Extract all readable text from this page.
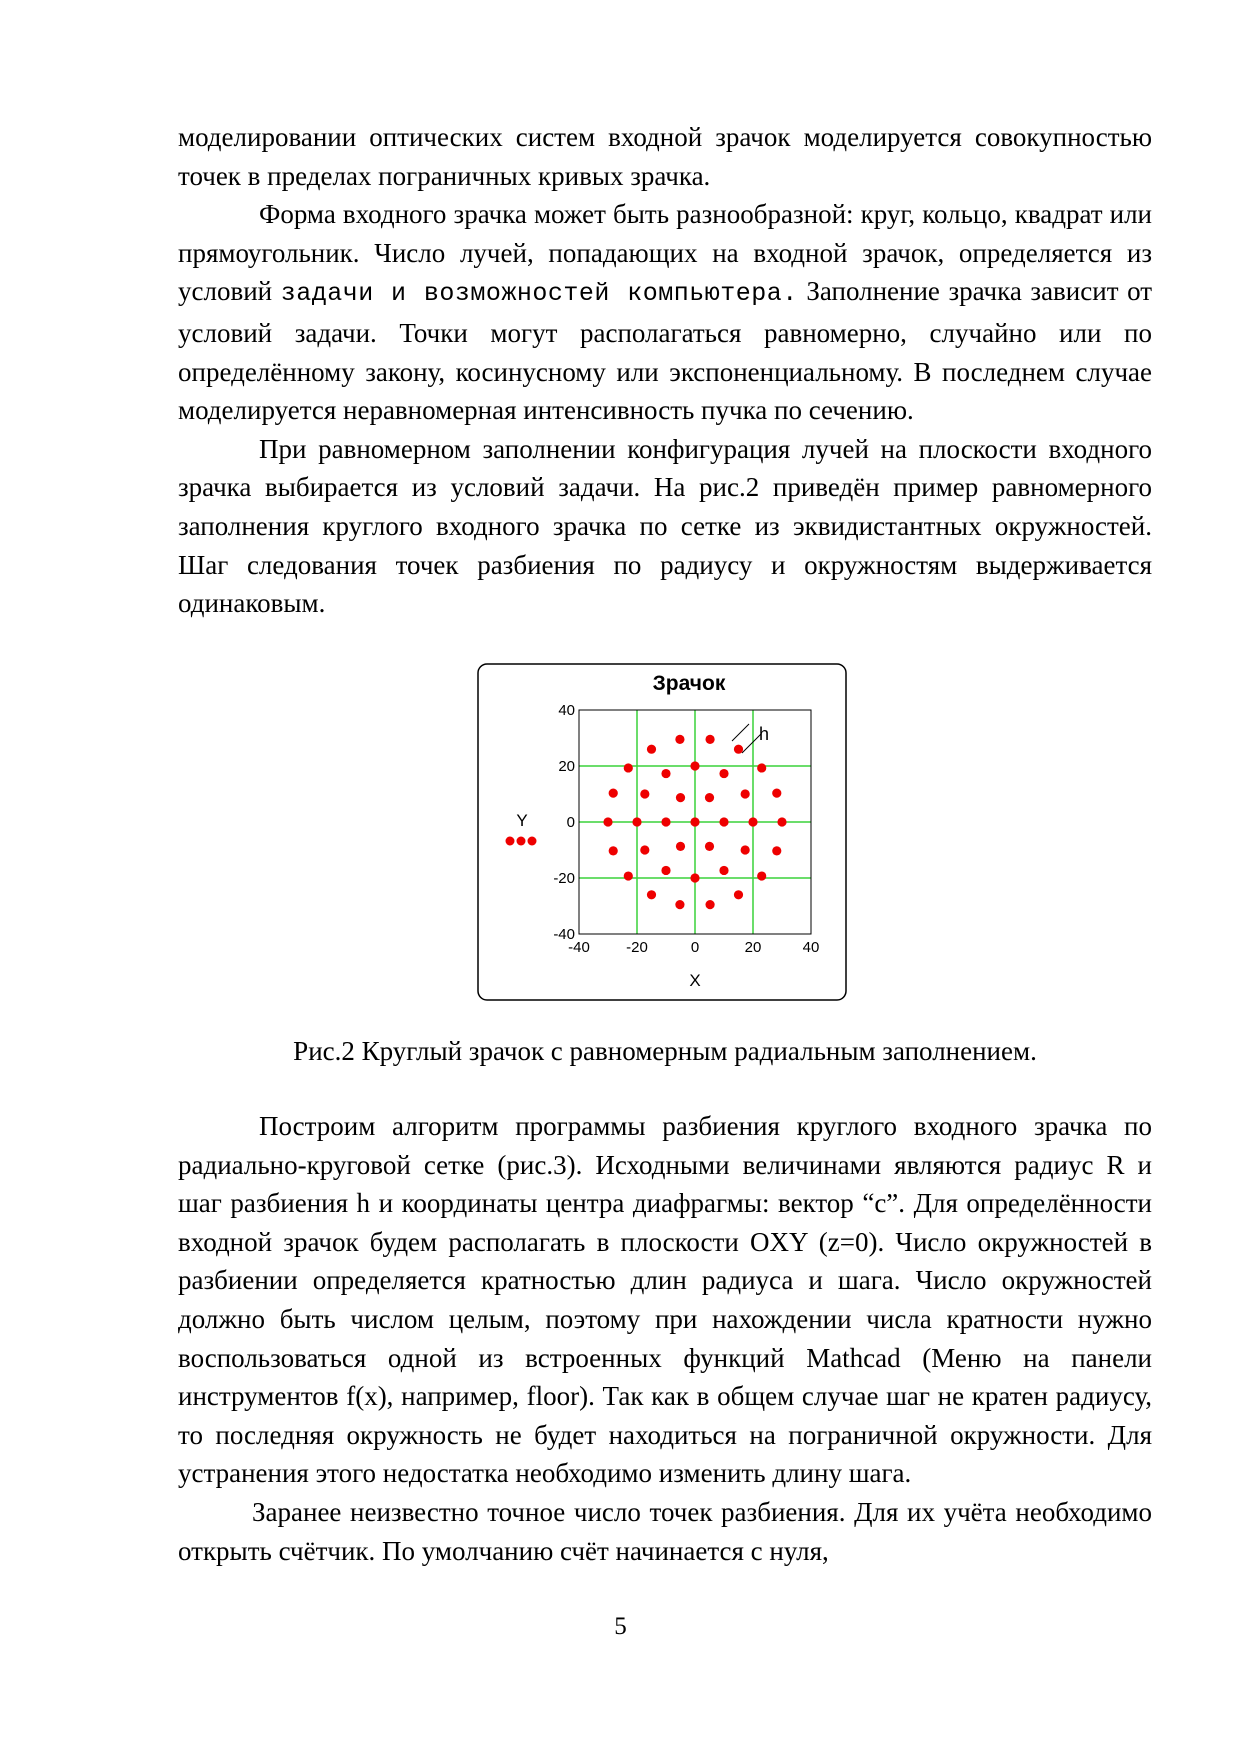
моделировании оптических систем входной зрачок моделируется совокупностью точек в пределах пограничных кривых зрачка.

Форма входного зрачка может быть разнообразной: круг, кольцо, квадрат или прямоугольник. Число лучей, попадающих на входной зрачок, определяется из условий задачи и возможностей компьютера. Заполнение зрачка зависит от условий задачи. Точки могут располагаться равномерно, случайно или по определённому закону, косинусному или экспоненциальному. В последнем случае моделируется неравномерная интенсивность пучка по сечению.

При равномерном заполнении конфигурация лучей на плоскости входного зрачка выбирается из условий задачи. На рис.2 приведён пример равномерного заполнения круглого входного зрачка по сетке из эквидистантных окружностей. Шаг следования точек разбиения по радиусу и окружностям выдерживается одинаковым.

Зрачок
-40 -20	0	20	40
40
20
0
-20
-40
h
Y
X
Рис.2 Круглый зрачок с равномерным радиальным заполнением.

Построим алгоритм программы разбиения круглого входного зрачка по радиально-круговой сетке (рис.3). Исходными величинами являются радиус R и шаг разбиения h и координаты центра диафрагмы: вектор “c”. Для определённости входной зрачок будем располагать в плоскости OXY (z=0). Число окружностей в разбиении определяется кратностью длин радиуса и шага. Число окружностей должно быть числом целым, поэтому при нахождении числа кратности нужно воспользоваться одной из встроенных функций Mathcad (Меню на панели инструментов f(x), например, floor). Так как в общем случае шаг не кратен радиусу, то последняя окружность не будет находиться на пограничной окружности. Для устранения этого недостатка необходимо изменить длину шага.

Заранее неизвестно точное число точек разбиения. Для их учёта необходимо открыть счётчик. По умолчанию счёт начинается с нуля,

5
